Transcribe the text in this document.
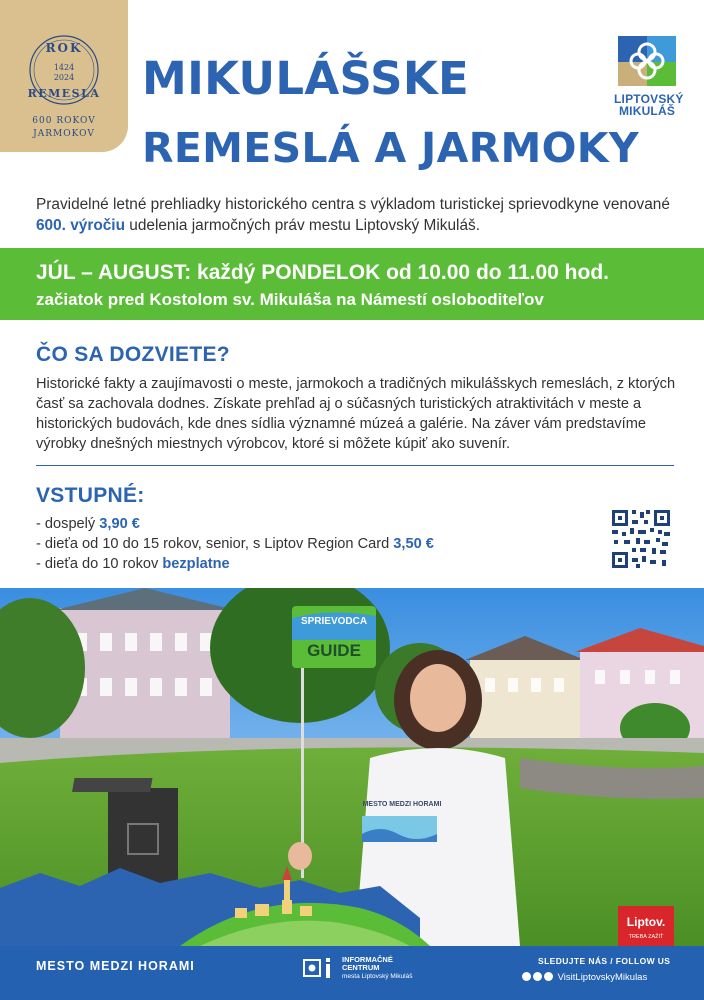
ROK
1424
2024
REMESLA
600 ROKOV
JARMOKOV
MIKULÁŠSKE
REMESLÁ A JARMOKY
LIPTOVSKÝ
MIKULÁŠ

Pravidelné letné prehliadky historického centra s výkladom turistickej sprievodkyne venované 600. výročiu udelenia jarmočných práv mestu Liptovský Mikuláš.

JÚL – AUGUST: každý PONDELOK od 10.00 do 11.00 hod.
začiatok pred Kostolom sv. Mikuláša na Námestí osloboditeľov
ČO SA DOZVIETE?

Historické fakty a zaujímavosti o meste, jarmokoch a tradičných mikulášskych remeslách, z ktorých časť sa zachovala dodnes. Získate prehľad aj o súčasných turistických atraktivitách v meste a historických budovách, kde dnes sídlia významné múzeá a galérie. Na záver vám predstavíme výrobky dnešných miestnych výrobcov, ktoré si môžete kúpiť ako suvenír.

VSTUPNÉ:
- dospelý 3,90 €
- dieťa od 10 do 15 rokov, senior, s Liptov Region Card 3,50 €
- dieťa do 10 rokov bezplatne
MESTO MEDZI HORAMI
SPRIEVODCA
GUIDE
Liptov.
TREBA ZAŽIŤ
MESTO MEDZI HORAMI	INFORMAČNÉ
CENTRUM
mesta Liptovský Mikuláš
SLEDUJTE NÁS / FOLLOW US
VisitLiptovskyMikulas
